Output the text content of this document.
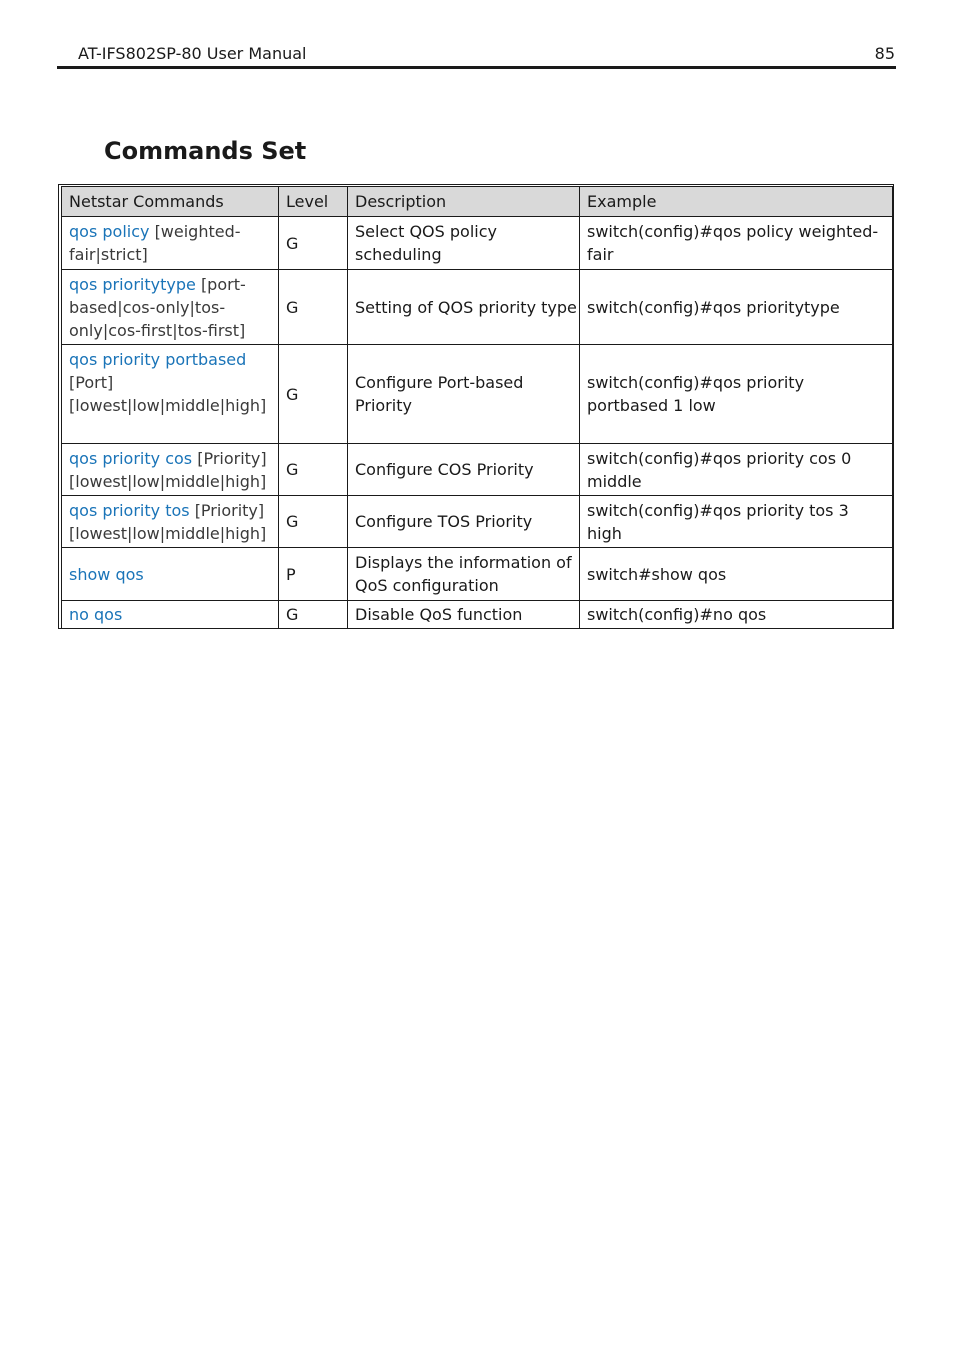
AT-IFS802SP-80 User Manual	85
Commands Set
Netstar Commands	Level	Description	Example
qos policy [weighted-fair|strict]	G	Select QOS policy scheduling	switch(config)#qos policy weighted-fair
qos prioritytype [port-based|cos-only|tos-only|cos-first|tos-first]	G	Setting of QOS priority type	switch(config)#qos prioritytype
qos priority portbased [Port] [lowest|low|middle|high]	G	Configure Port-based Priority	switch(config)#qos priority portbased 1 low
qos priority cos [Priority] [lowest|low|middle|high]	G	Configure COS Priority	switch(config)#qos priority cos 0 middle
qos priority tos [Priority] [lowest|low|middle|high]	G	Configure TOS Priority	switch(config)#qos priority tos 3 high
show qos	P	Displays the information of QoS configuration	switch#show qos
no qos	G	Disable QoS function	switch(config)#no qos
